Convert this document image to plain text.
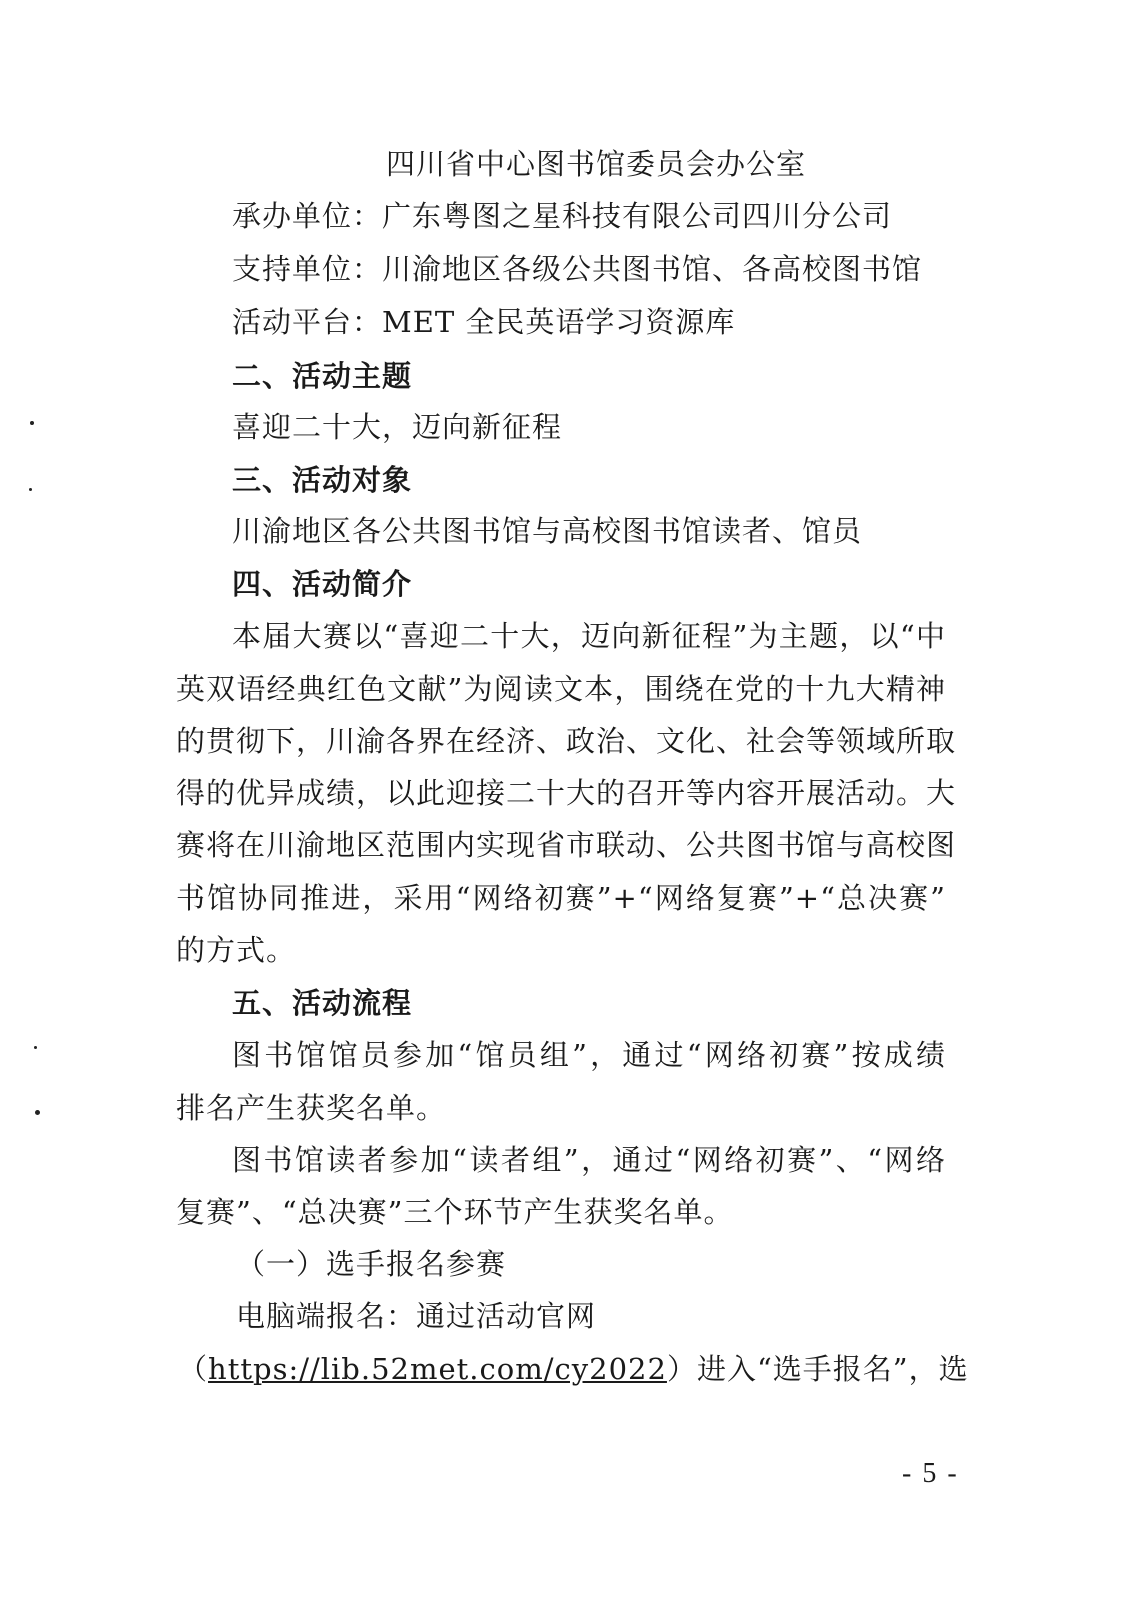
四川省中心图书馆委员会办公室
承办单位：广东粤图之星科技有限公司四川分公司
支持单位：川渝地区各级公共图书馆、各高校图书馆
活动平台：MET 全民英语学习资源库
二、活动主题
喜迎二十大，迈向新征程
三、活动对象
川渝地区各公共图书馆与高校图书馆读者、馆员
四、活动简介
本届大赛以“喜迎二十大，迈向新征程”为主题，以“中
英双语经典红色文献”为阅读文本，围绕在党的十九大精神
的贯彻下，川渝各界在经济、政治、文化、社会等领域所取
得的优异成绩，以此迎接二十大的召开等内容开展活动。大
赛将在川渝地区范围内实现省市联动、公共图书馆与高校图
书馆协同推进，采用“网络初赛”+“网络复赛”+“总决赛”
的方式。
五、活动流程
图书馆馆员参加“馆员组”，通过“网络初赛”按成绩
排名产生获奖名单。
图书馆读者参加“读者组”，通过“网络初赛”、“网络
复赛”、“总决赛”三个环节产生获奖名单。
（一）选手报名参赛
电脑端报名：通过活动官网
（https://lib.52met.com/cy2022）进入“选手报名”，选
- 5 -
